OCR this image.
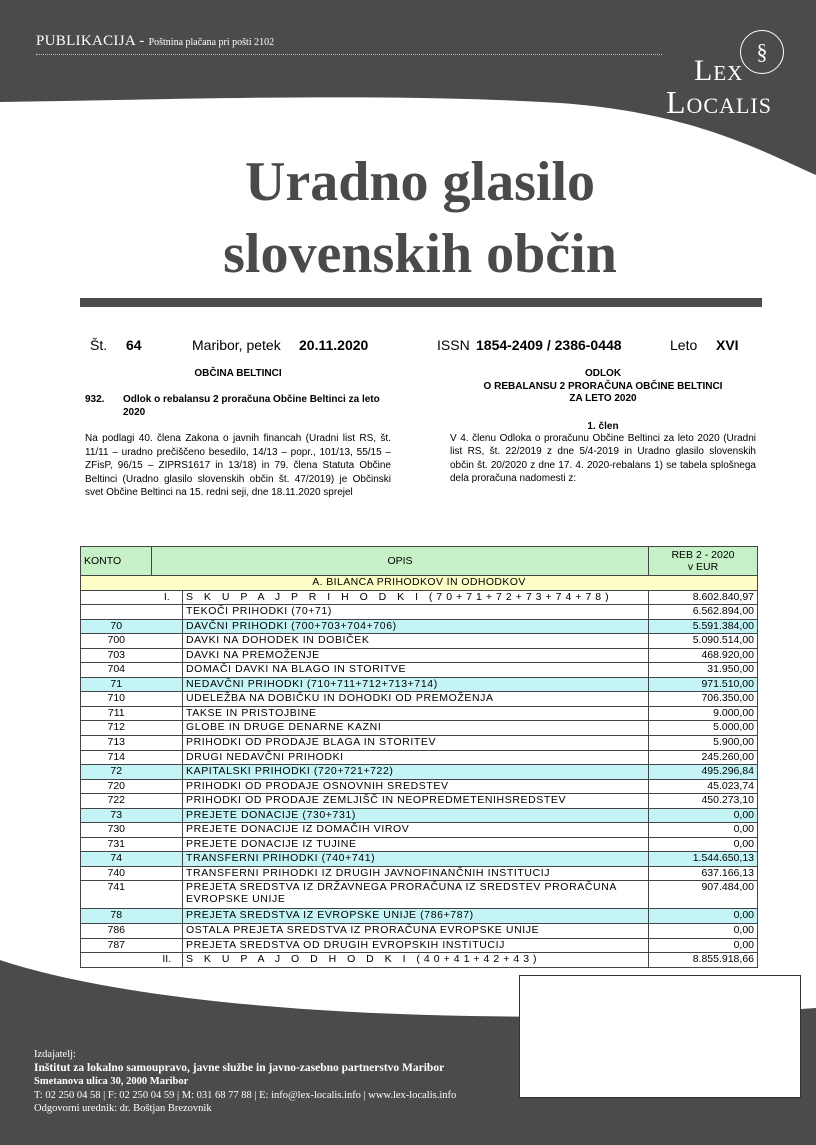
PUBLIKACIJA - Poštnina plačana pri pošti 2102	§
Lex
Localis
Uradno glasilo
slovenskih občin
Št. 64	Maribor, petek 20.11.2020	ISSN 1854-2409 / 2386-0448	Leto XVI
OBČINA BELTINCI
932.	Odlok o rebalansu 2 proračuna Občine Beltinci za leto 2020

Na podlagi 40. člena Zakona o javnih financah (Uradni list RS, št. 11/11 – uradno prečiščeno besedilo, 14/13 – popr., 101/13, 55/15 – ZFisP, 96/15 – ZIPRS1617 in 13/18) in 79. člena Statuta Občine Beltinci (Uradno glasilo slovenskih občin št. 47/2019) je Občinski svet Občine Beltinci na 15. redni seji, dne 18.11.2020 sprejel

ODLOK
O REBALANSU 2 PRORAČUNA OBČINE BELTINCI
ZA LETO 2020
1. člen

V 4. členu Odloka o proračunu Občine Beltinci za leto 2020 (Uradni list RS, št. 22/2019 z dne 5/4-2019 in Uradno glasilo slovenskih občin št. 20/2020 z dne 17. 4. 2020-rebalans 1) se tabela splošnega dela proračuna nadomesti z:

KONTO	OPIS		REB 2 - 2020
v EUR

A. BILANCA PRIHODKOV IN ODHODKOV			
	I.	S K U P A J P R I H O D K I (70+71+72+73+74+78)	8.602.840,97
		TEKOČI PRIHODKI (70+71)	6.562.894,00
70		DAVČNI PRIHODKI (700+703+704+706)	5.591.384,00
700		DAVKI NA DOHODEK IN DOBIČEK	5.090.514,00
703		DAVKI NA PREMOŽENJE	468.920,00
704		DOMAČI DAVKI NA BLAGO IN STORITVE	31.950,00
71		NEDAVČNI PRIHODKI (710+711+712+713+714)	971.510,00
710		UDELEŽBA NA DOBIČKU IN DOHODKI OD PREMOŽENJA	706.350,00
711		TAKSE IN PRISTOJBINE	9.000,00
712		GLOBE IN DRUGE DENARNE KAZNI	5.000,00
713		PRIHODKI OD PRODAJE BLAGA IN STORITEV	5.900,00
714		DRUGI NEDAVČNI PRIHODKI	245.260,00
72		KAPITALSKI PRIHODKI (720+721+722)	495.296,84
720		PRIHODKI OD PRODAJE OSNOVNIH SREDSTEV	45.023,74
722		PRIHODKI OD PRODAJE ZEMLJIŠČ IN NEOPREDMETENIHSREDSTEV	450.273,10
73		PREJETE DONACIJE (730+731)	0,00
730		PREJETE DONACIJE IZ DOMAČIH VIROV	0,00
731		PREJETE DONACIJE IZ TUJINE	0,00
74		TRANSFERNI PRIHODKI (740+741)	1.544.650,13
740		TRANSFERNI PRIHODKI IZ DRUGIH JAVNOFINANČNIH INSTITUCIJ	637.166,13
741		PREJETA SREDSTVA IZ DRŽAVNEGA PRORAČUNA IZ SREDSTEV PRORAČUNA EVROPSKE UNIJE	907.484,00
78		PREJETA SREDSTVA IZ EVROPSKE UNIJE (786+787)	0,00
786		OSTALA PREJETA SREDSTVA IZ PRORAČUNA EVROPSKE UNIJE	0,00
787		PREJETA SREDSTVA OD DRUGIH EVROPSKIH INSTITUCIJ	0,00
	II.	S K U P A J O D H O D K I (40+41+42+43)	8.855.918,66
Izdajatelj:
Inštitut za lokalno samoupravo, javne službe in javno-zasebno partnerstvo Maribor
Smetanova ulica 30, 2000 Maribor
T: 02 250 04 58 | F: 02 250 04 59 | M: 031 68 77 88 | E: info@lex-localis.info | www.lex-localis.info
Odgovorni urednik: dr. Boštjan Brezovnik
